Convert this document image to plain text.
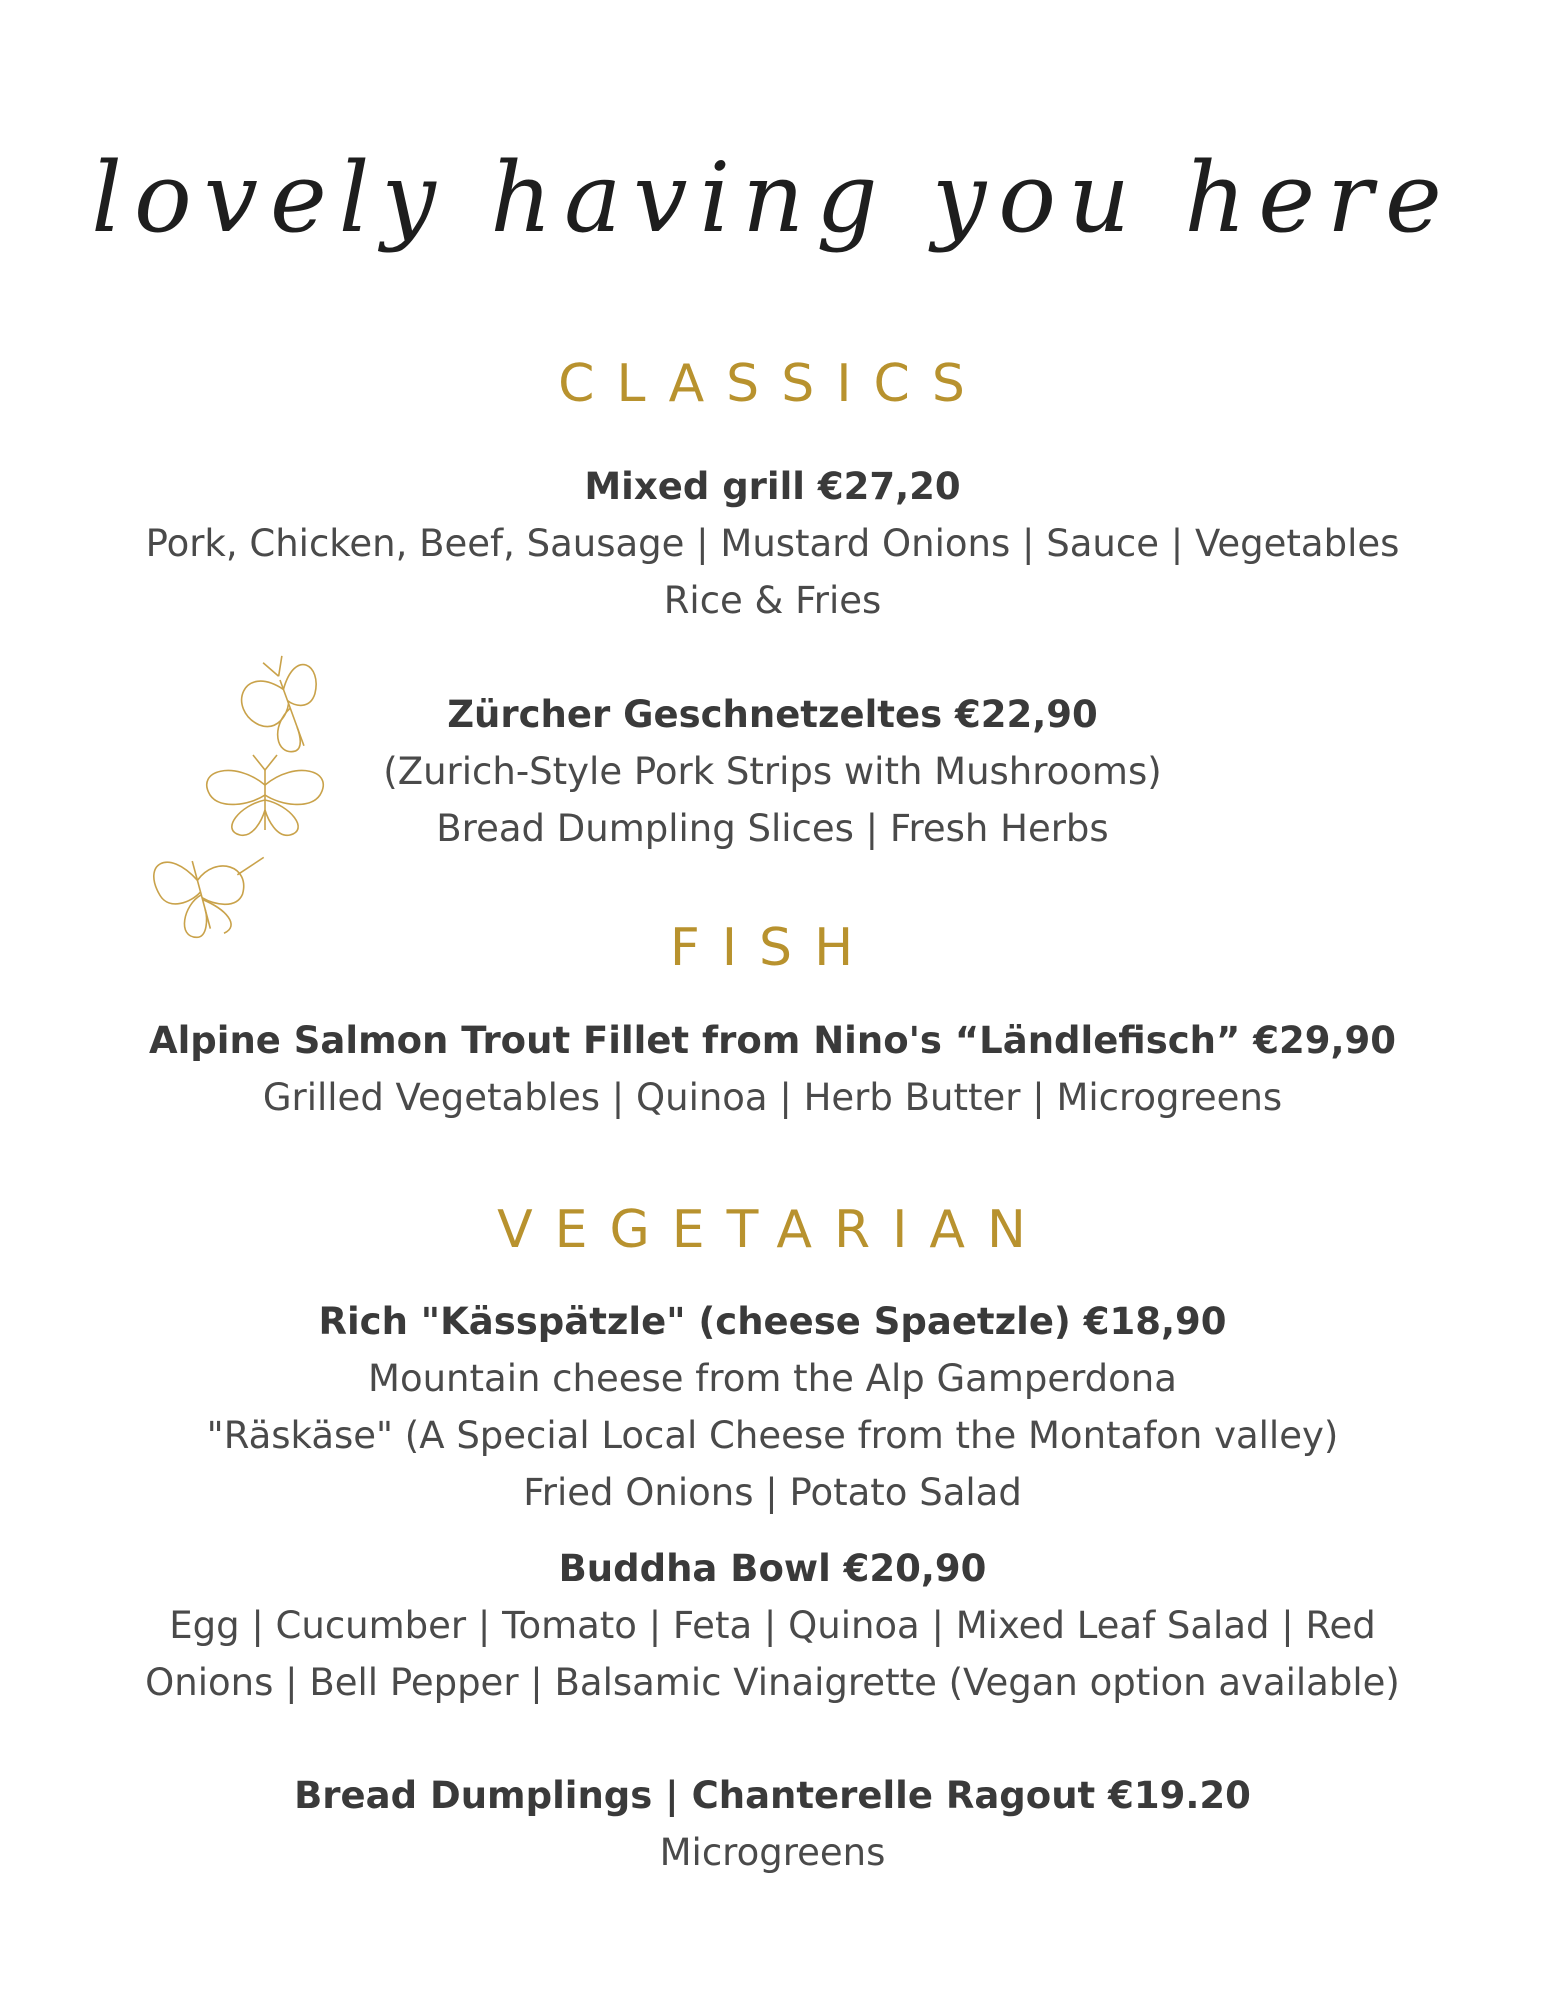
lovely having you here
CLASSICS
Mixed grill €27,20
Pork, Chicken, Beef, Sausage | Mustard Onions | Sauce | Vegetables
Rice & Fries
Zürcher Geschnetzeltes €22,90
(Zurich-Style Pork Strips with Mushrooms)
Bread Dumpling Slices | Fresh Herbs
FISH
Alpine Salmon Trout Fillet from Nino's “Ländlefisch” €29,90
Grilled Vegetables | Quinoa | Herb Butter | Microgreens
VEGETARIAN
Rich "Kässpätzle" (cheese Spaetzle) €18,90
Mountain cheese from the Alp Gamperdona
"Räskäse" (A Special Local Cheese from the Montafon valley)
Fried Onions | Potato Salad
Buddha Bowl €20,90
Egg | Cucumber | Tomato | Feta | Quinoa | Mixed Leaf Salad | Red
Onions | Bell Pepper | Balsamic Vinaigrette (Vegan option available)
Bread Dumplings | Chanterelle Ragout €19.20
Microgreens
